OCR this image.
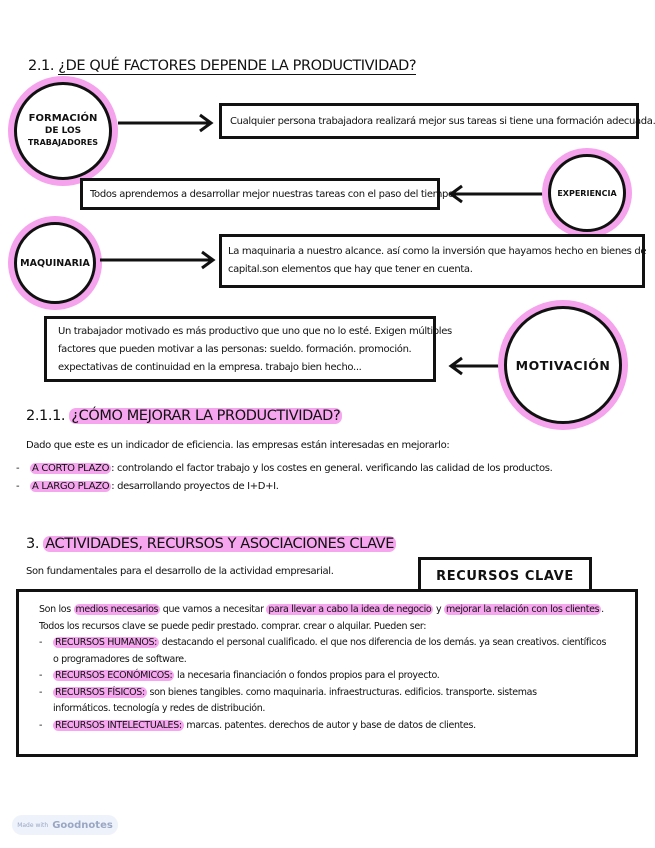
2.1. ¿DE QUÉ FACTORES DEPENDE LA PRODUCTIVIDAD?
FORMACIÓN
DE LOS
TRABAJADORES
Cualquier persona trabajadora realizará mejor sus tareas si tiene una formación adecuada.
Todos aprendemos a desarrollar mejor nuestras tareas con el paso del tiempo.	EXPERIENCIA
MAQUINARIA
La maquinaria a nuestro alcance. así como la inversión que hayamos hecho en bienes de
capital.son elementos que hay que tener en cuenta.
Un trabajador motivado es más productivo que uno que no lo esté. Exigen múltiples
factores que pueden motivar a las personas: sueldo. formación. promoción.
expectativas de continuidad en la empresa. trabajo bien hecho...	MOTIVACIÓN
2.1.1. ¿CÓMO MEJORAR LA PRODUCTIVIDAD?
Dado que este es un indicador de eficiencia. las empresas están interesadas en mejorarlo:
- A CORTO PLAZO : controlando el factor trabajo y los costes en general. verificando las calidad de los productos.
- A LARGO PLAZO : desarrollando proyectos de I+D+I.
3. ACTIVIDADES, RECURSOS Y ASOCIACIONES CLAVE
Son fundamentales para el desarrollo de la actividad empresarial.	RECURSOS CLAVE
Son los medios necesarios que vamos a necesitar para llevar a cabo la idea de negocio y mejorar la relación con los clientes .
Todos los recursos clave se puede pedir prestado. comprar. crear o alquilar. Pueden ser:
- RECURSOS HUMANOS: destacando el personal cualificado. el que nos diferencia de los demás. ya sean creativos. científicos
o programadores de software.
- RECURSOS ECONÓMICOS: la necesaria financiación o fondos propios para el proyecto.
- RECURSOS FÍSICOS: son bienes tangibles. como maquinaria. infraestructuras. edificios. transporte. sistemas
informáticos. tecnología y redes de distribución.
- RECURSOS INTELECTUALES: marcas. patentes. derechos de autor y base de datos de clientes.
Made with Goodnotes
